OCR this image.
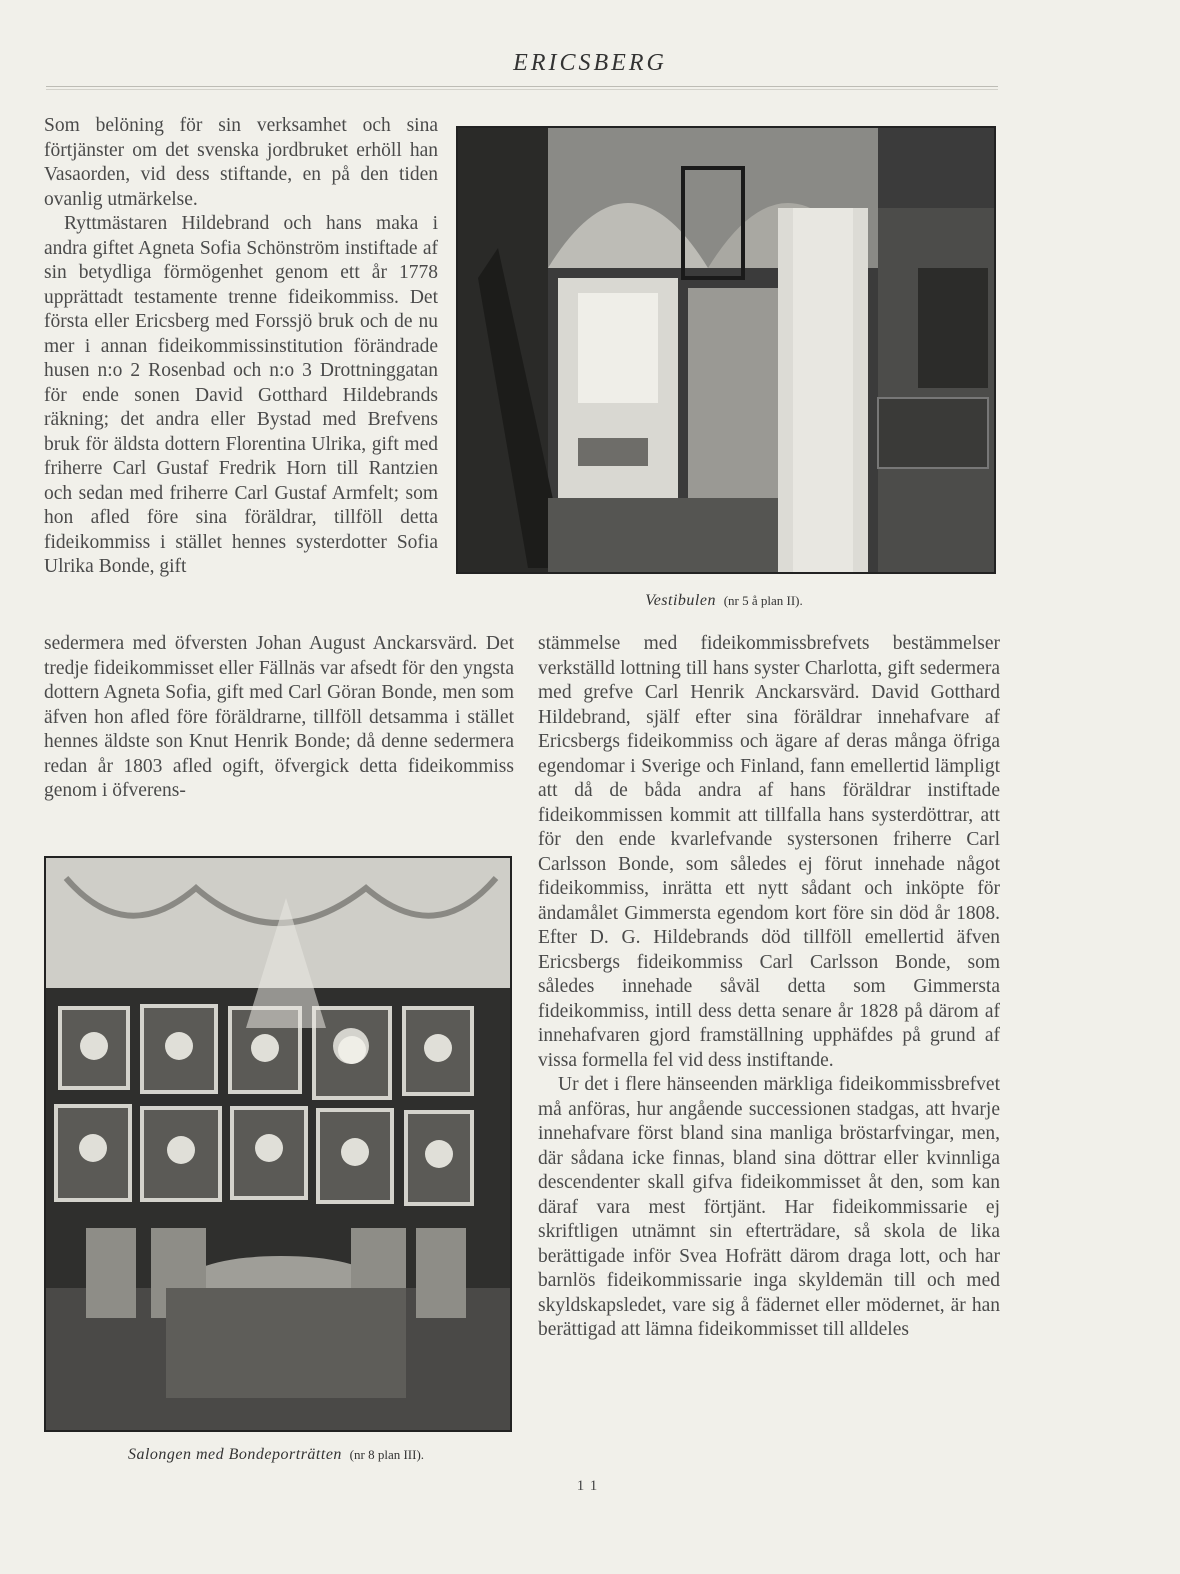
ERICSBERG

Som belöning för sin verksamhet och sina förtjänster om det svenska jordbruket erhöll han Vasaorden, vid dess stiftande, en på den tiden ovanlig utmärkelse.

Ryttmästaren Hildebrand och hans maka i andra giftet Agneta Sofia Schönström instiftade af sin betydliga förmögenhet genom ett år 1778 upprättadt testamente trenne fideikommiss. Det första eller Ericsberg med Forssjö bruk och de nu mer i annan fideikommissinstitution förändrade husen n:o 2 Rosenbad och n:o 3 Drottninggatan för ende sonen David Gotthard Hildebrands räkning; det andra eller Bystad med Brefvens bruk för äldsta dottern Florentina Ulrika, gift med friherre Carl Gustaf Fredrik Horn till Rantzien och sedan med friherre Carl Gustaf Armfelt; som hon afled före sina föräldrar, tillföll detta fideikommiss i stället hennes systerdotter Sofia Ulrika Bonde, gift

sedermera med öfversten Johan August Anckarsvärd. Det tredje fideikommisset eller Fällnäs var afsedt för den yngsta dottern Agneta Sofia, gift med Carl Göran Bonde, men som äfven hon afled före föräldrarne, tillföll detsamma i stället hennes äldste son Knut Henrik Bonde; då denne sedermera redan år 1803 afled ogift, öfvergick detta fideikommiss genom i öfverens-

stämmelse med fideikommissbrefvets bestämmelser verkställd lottning till hans syster Charlotta, gift sedermera med grefve Carl Henrik Anckarsvärd. David Gotthard Hildebrand, själf efter sina föräldrar innehafvare af Ericsbergs fideikommiss och ägare af deras många öfriga egendomar i Sverige och Finland, fann emellertid lämpligt att då de båda andra af hans föräldrar instiftade fideikommissen kommit att tillfalla hans systerdöttrar, att för den ende kvarlefvande systersonen friherre Carl Carlsson Bonde, som således ej förut innehade något fideikommiss, inrätta ett nytt sådant och inköpte för ändamålet Gimmersta egendom kort före sin död år 1808. Efter D. G. Hildebrands död tillföll emellertid äfven Ericsbergs fideikommiss Carl Carlsson Bonde, som således innehade såväl detta som Gimmersta fideikommiss, intill dess detta senare år 1828 på därom af innehafvaren gjord framställning upphäfdes på grund af vissa formella fel vid dess instiftande.

Ur det i flere hänseenden märkliga fideikommissbrefvet må anföras, hur angående successionen stadgas, att hvarje innehafvare först bland sina manliga bröstarfvingar, men, där sådana icke finnas, bland sina döttrar eller kvinnliga descendenter skall gifva fideikommisset åt den, som kan däraf vara mest förtjänt. Har fideikommissarie ej skriftligen utnämnt sin efterträdare, så skola de lika berättigade inför Svea Hofrätt därom draga lott, och har barnlös fideikommissarie inga skyldemän till och med skyldskapsledet, vare sig å fädernet eller mödernet, är han berättigad att lämna fideikommisset till alldeles

Vestibulen (nr 5 å plan II).
Salongen med Bondeporträtten (nr 8 plan III).
11
